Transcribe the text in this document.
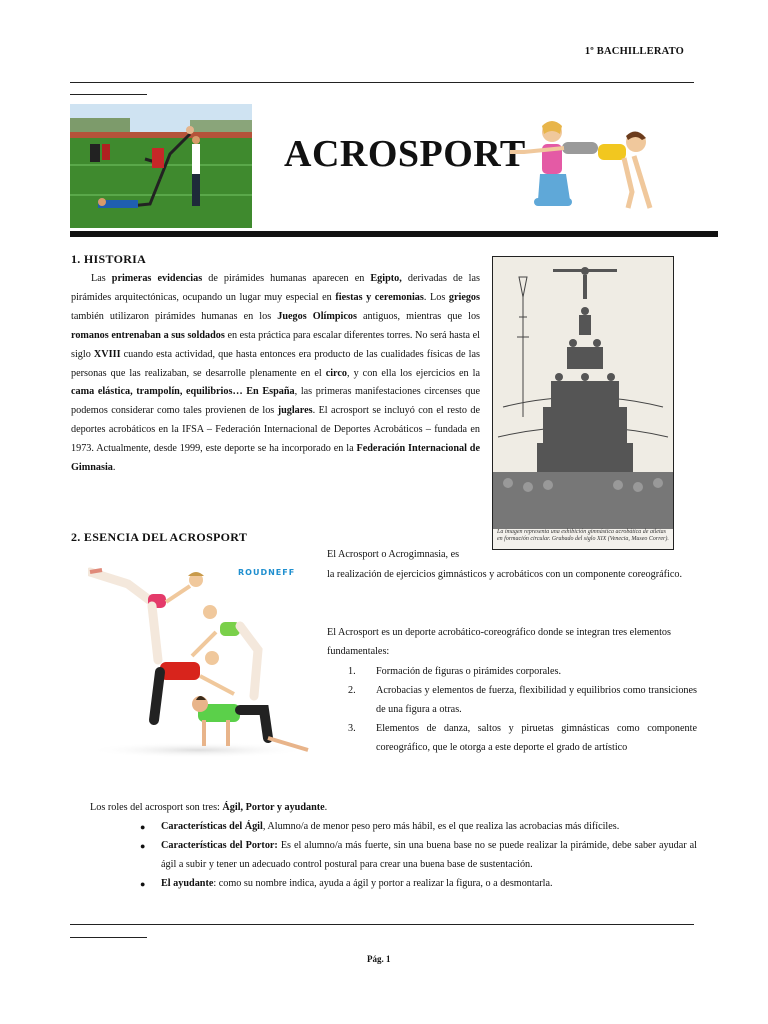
1º BACHILLERATO
ACROSPORT
1. HISTORIA
Las primeras evidencias de pirámides humanas aparecen en Egipto, derivadas de las pirámides arquitectónicas, ocupando un lugar muy especial en fiestas y ceremonias. Los griegos también utilizaron pirámides humanas en los Juegos Olímpicos antiguos, mientras que los romanos entrenaban a sus soldados en esta práctica para escalar diferentes torres. No será hasta el siglo XVIII cuando esta actividad, que hasta entonces era producto de las cualidades físicas de las personas que las realizaban, se desarrolle plenamente en el circo, y con ella los ejercicios en la cama elástica, trampolín, equilibrios… En España, las primeras manifestaciones circenses que podemos considerar como tales provienen de los juglares. El acrosport se incluyó con el resto de deportes acrobáticos en la IFSA – Federación Internacional de Deportes Acrobáticos – fundada en 1973. Actualmente, desde 1999, este deporte se ha incorporado en la Federación Internacional de Gimnasia.
La imagen representa una exhibición gimnástica acrobática de atletas en formación circular. Grabado del siglo XIX (Venecia, Museo Correr).
2. ESENCIA DEL ACROSPORT
ROUDNEFF
El Acrosport o Acrogimnasia, es
la realización de ejercicios gimnásticos y acrobáticos con un componente coreográfico.
El Acrosport es un deporte acrobático-coreográfico donde se integran tres elementos fundamentales:
1. Formación de figuras o pirámides corporales.
2. Acrobacias y elementos de fuerza, flexibilidad y equilibrios como transiciones de una figura a otras.
3. Elementos de danza, saltos y piruetas gimnásticas como componente coreográfico, que le otorga a este deporte el grado de artístico
Los roles del acrosport son tres: Ágil, Portor y ayudante.
● Características del Ágil, Alumno/a de menor peso pero más hábil, es el que realiza las acrobacias más difíciles.
● Características del Portor: Es el alumno/a más fuerte, sin una buena base no se puede realizar la pirámide, debe saber ayudar al ágil a subir y tener un adecuado control postural para crear una buena base de sustentación.
● El ayudante: como su nombre indica, ayuda a ágil y portor a realizar la figura, o a desmontarla.
Pág. 1
